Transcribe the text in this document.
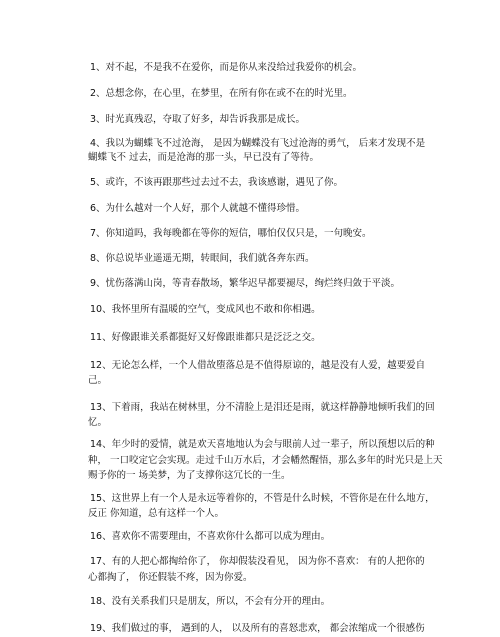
1、对不起，不是我不在爱你，而是你从来没给过我爱你的机会。
2、总想念你，在心里，在梦里，在所有你在或不在的时光里。
3、时光真残忍，夺取了好多，却告诉我那是成长。
4、我以为蝴蝶飞不过沧海， 是因为蝴蝶没有飞过沧海的勇气， 后来才发现不是
蝴蝶飞不 过去，而是沧海的那一头，早已没有了等待。
5、或许，不该再跟那些过去过不去，我该感谢，遇见了你。
6、为什么越对一个人好，那个人就越不懂得珍惜。
7、你知道吗，我每晚都在等你的短信，哪怕仅仅只是，一句晚安。
8、你总说毕业遥遥无期，转眼间，我们就各奔东西。
9、忧伤落满山岗，等青春散场，繁华迟早都要褪尽，绚烂终归敛于平淡。
10、我怀里所有温暖的空气，变成风也不敢和你相遇。
11、好像跟谁关系都挺好又好像跟谁都只是泛泛之交。
12、无论怎么样，一个人借故堕落总是不值得原谅的，越是没有人爱，越要爱自
己。
13、下着雨，我站在树林里，分不清脸上是泪还是雨，就这样静静地倾听我们的回
忆。
14、年少时的爱情，就是欢天喜地地认为会与眼前人过一辈子，所以预想以后的种
种， 一口咬定它会实现。走过千山万水后，才会幡然醒悟，那么多年的时光只是上天
赐予你的一 场美梦，为了支撑你这冗长的一生。
15、这世界上有一个人是永远等着你的，不管是什么时候，不管你是在什么地方，
反正 你知道，总有这样一个人。
16、喜欢你不需要理由，不喜欢你什么都可以成为理由。
17、有的人把心都掏给你了， 你却假装没看见， 因为你不喜欢： 有的人把你的
心都掏了， 你还假装不疼，因为你爱。
18、没有关系我们只是朋友，所以，不会有分开的理由。
19、我们做过的事， 遇到的人， 以及所有的喜怒悲欢， 都会浓缩成一个很感伤
